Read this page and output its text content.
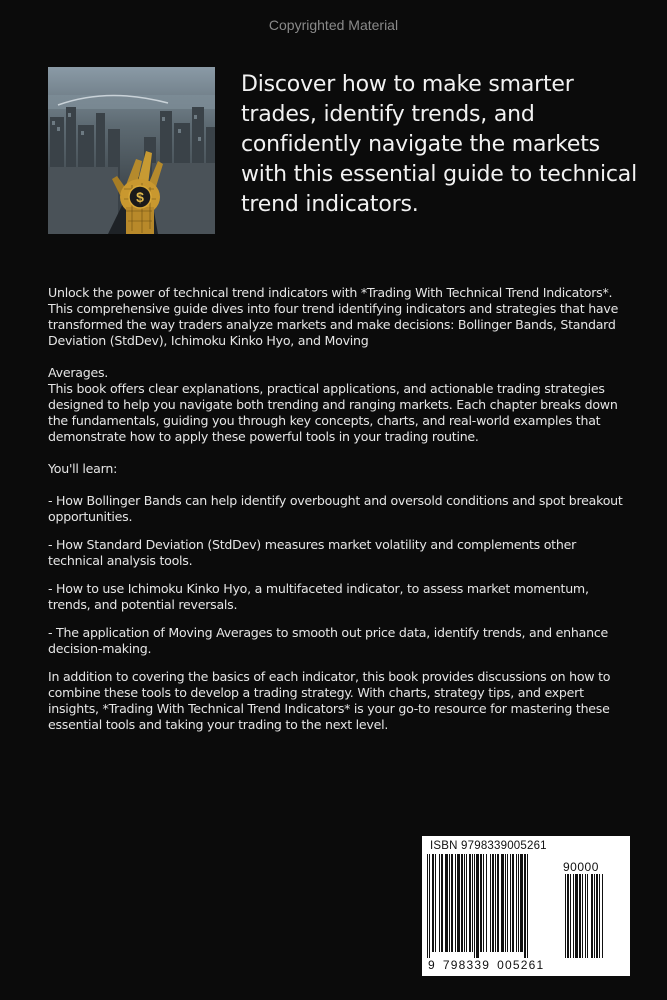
Copyrighted Material
$
Discover how to make smarter trades, identify trends, and confidently navigate the markets with this essential guide to technical trend indicators.

Unlock the power of technical trend indicators with *Trading With Technical Trend Indicators*. This comprehensive guide dives into four trend identifying indicators and strategies that have transformed the way traders analyze markets and make decisions: Bollinger Bands, Standard Deviation (StdDev), Ichimoku Kinko Hyo, and Moving

Averages.

This book offers clear explanations, practical applications, and actionable trading strategies designed to help you navigate both trending and ranging markets. Each chapter breaks down the fundamentals, guiding you through key concepts, charts, and real-world examples that demonstrate how to apply these powerful tools in your trading routine.

You'll learn:

- How Bollinger Bands can help identify overbought and oversold conditions and spot breakout opportunities.

- How Standard Deviation (StdDev) measures market volatility and complements other technical analysis tools.

- How to use Ichimoku Kinko Hyo, a multifaceted indicator, to assess market momentum, trends, and potential reversals.

- The application of Moving Averages to smooth out price data, identify trends, and enhance decision-making.

In addition to covering the basics of each indicator, this book provides discussions on how to combine these tools to develop a trading strategy. With charts, strategy tips, and expert insights, *Trading With Technical Trend Indicators* is your go-to resource for mastering these essential tools and taking your trading to the next level.

ISBN 9798339005261
90000
9 798339 005261
